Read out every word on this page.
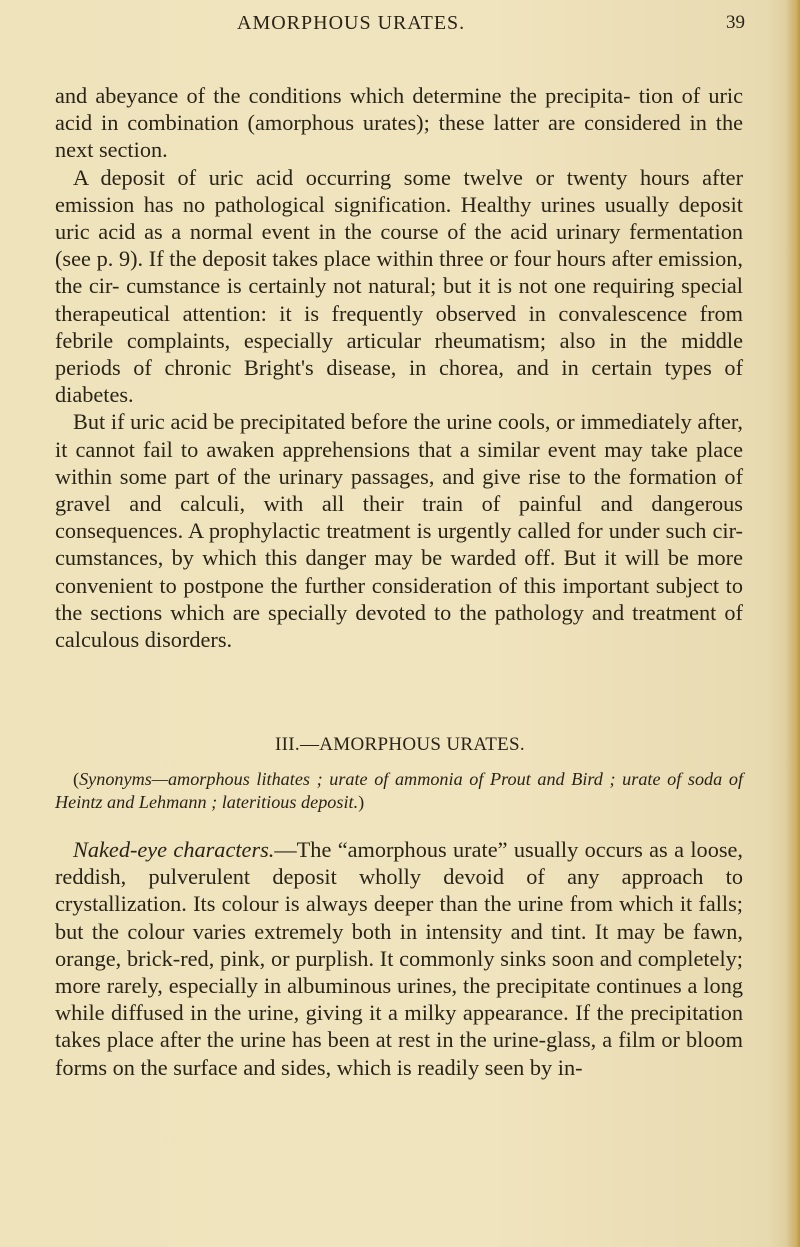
AMORPHOUS URATES.	39

and abeyance of the conditions which determine the precipita- tion of uric acid in combination (amorphous urates); these latter are considered in the next section.

A deposit of uric acid occurring some twelve or twenty hours after emission has no pathological signification. Healthy urines usually deposit uric acid as a normal event in the course of the acid urinary fermentation (see p. 9). If the deposit takes place within three or four hours after emission, the cir- cumstance is certainly not natural; but it is not one requiring special therapeutical attention: it is frequently observed in convalescence from febrile complaints, especially articular rheumatism; also in the middle periods of chronic Bright's disease, in chorea, and in certain types of diabetes.

But if uric acid be precipitated before the urine cools, or immediately after, it cannot fail to awaken apprehensions that a similar event may take place within some part of the urinary passages, and give rise to the formation of gravel and calculi, with all their train of painful and dangerous consequences. A prophylactic treatment is urgently called for under such cir- cumstances, by which this danger may be warded off. But it will be more convenient to postpone the further consideration of this important subject to the sections which are specially devoted to the pathology and treatment of calculous disorders.

III.—AMORPHOUS URATES.

(Synonyms—amorphous lithates ; urate of ammonia of Prout and Bird ; urate of soda of Heintz and Lehmann ; lateritious deposit.)

Naked-eye characters.—The “amorphous urate” usually occurs as a loose, reddish, pulverulent deposit wholly devoid of any approach to crystallization. Its colour is always deeper than the urine from which it falls; but the colour varies extremely both in intensity and tint. It may be fawn, orange, brick-red, pink, or purplish. It commonly sinks soon and completely; more rarely, especially in albuminous urines, the precipitate continues a long while diffused in the urine, giving it a milky appearance. If the precipitation takes place after the urine has been at rest in the urine-glass, a film or bloom forms on the surface and sides, which is readily seen by in-
